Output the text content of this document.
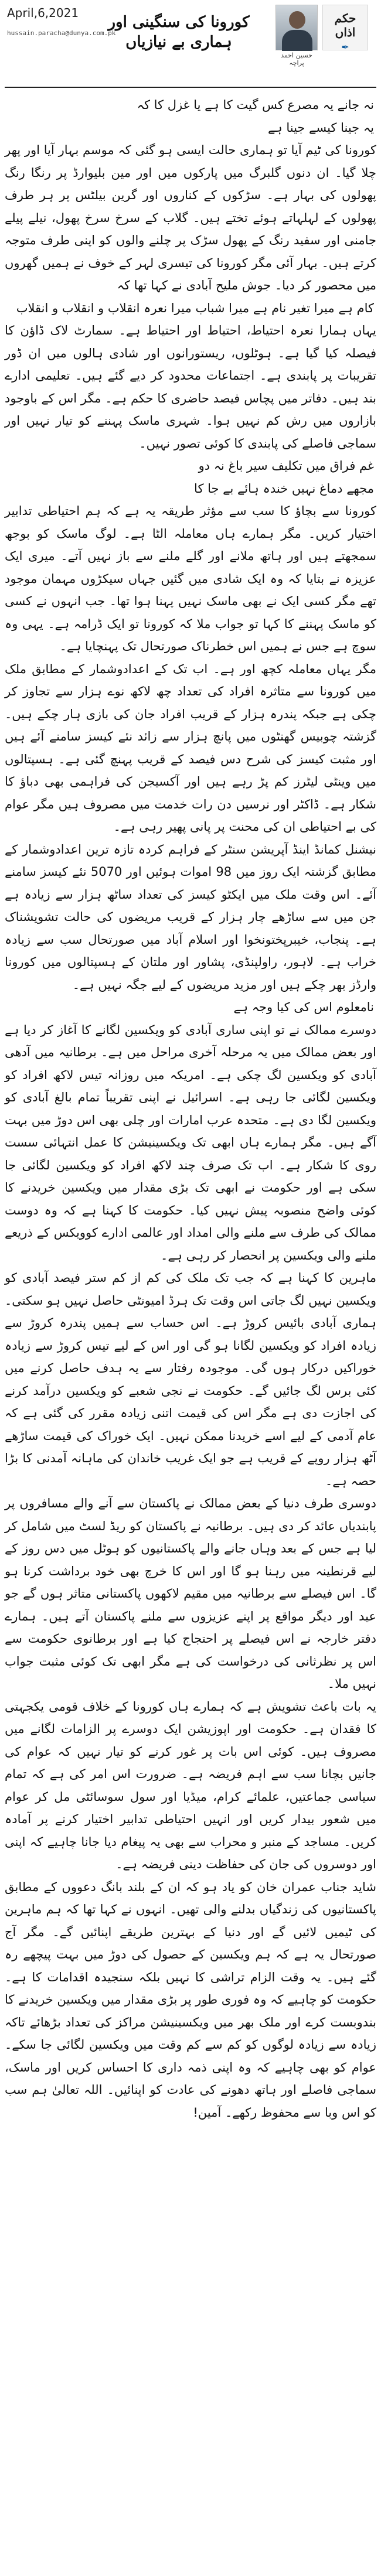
حکم اذاں
✒
حسین احمد پراچہ
کورونا کی سنگینی اور ہماری بے نیازیاں
April,6,2021
hussain.paracha@dunya.com.pk

نہ جانے یہ مصرع کس گیت کا ہے یا غزل کا کہ

یہ جینا کیسے جینا ہے

کورونا کی ٹیم آیا تو ہماری حالت ایسی ہو گئی کہ موسم بہار آیا اور پھر چلا گیا۔ ان دنوں گلبرگ میں پارکوں میں اور مین بلیوارڈ پر رنگا رنگ پھولوں کی بہار ہے۔ سڑکوں کے کناروں اور گرین بیلٹس پر ہر طرف پھولوں کے لہلہاتے ہوئے تختے ہیں۔ گلاب کے سرخ سرخ پھول، نیلے پیلے جامنی اور سفید رنگ کے پھول سڑک پر چلنے والوں کو اپنی طرف متوجہ کرتے ہیں۔ بہار آئی مگر کورونا کی تیسری لہر کے خوف نے ہمیں گھروں میں محصور کر دیا۔ جوش ملیح آبادی نے کہا تھا کہ

کام ہے میرا تغیر نام ہے میرا شباب میرا نعرہ انقلاب و انقلاب و انقلاب

یہاں ہمارا نعرہ احتیاط، احتیاط اور احتیاط ہے۔ سمارٹ لاک ڈاؤن کا فیصلہ کیا گیا ہے۔ ہوٹلوں، ریستورانوں اور شادی ہالوں میں ان ڈور تقریبات پر پابندی ہے۔ اجتماعات محدود کر دیے گئے ہیں۔ تعلیمی ادارے بند ہیں۔ دفاتر میں پچاس فیصد حاضری کا حکم ہے۔ مگر اس کے باوجود بازاروں میں رش کم نہیں ہوا۔ شہری ماسک پہننے کو تیار نہیں اور سماجی فاصلے کی پابندی کا کوئی تصور نہیں۔

غم فراق میں تکلیف سیر باغ نہ دو

مجھے دماغ نہیں خندہ ہائے بے جا کا

کورونا سے بچاؤ کا سب سے مؤثر طریقہ یہ ہے کہ ہم احتیاطی تدابیر اختیار کریں۔ مگر ہمارے ہاں معاملہ الٹا ہے۔ لوگ ماسک کو بوجھ سمجھتے ہیں اور ہاتھ ملانے اور گلے ملنے سے باز نہیں آتے۔ میری ایک عزیزہ نے بتایا کہ وہ ایک شادی میں گئیں جہاں سیکڑوں مہمان موجود تھے مگر کسی ایک نے بھی ماسک نہیں پہنا ہوا تھا۔ جب انہوں نے کسی کو ماسک پہننے کا کہا تو جواب ملا کہ کورونا تو ایک ڈرامہ ہے۔ یہی وہ سوچ ہے جس نے ہمیں اس خطرناک صورتحال تک پہنچایا ہے۔

مگر یہاں معاملہ کچھ اور ہے۔ اب تک کے اعدادوشمار کے مطابق ملک میں کورونا سے متاثرہ افراد کی تعداد چھ لاکھ نوے ہزار سے تجاوز کر چکی ہے جبکہ پندرہ ہزار کے قریب افراد جان کی بازی ہار چکے ہیں۔ گزشتہ چوبیس گھنٹوں میں پانچ ہزار سے زائد نئے کیسز سامنے آئے ہیں اور مثبت کیسز کی شرح دس فیصد کے قریب پہنچ گئی ہے۔ ہسپتالوں میں وینٹی لیٹرز کم پڑ رہے ہیں اور آکسیجن کی فراہمی بھی دباؤ کا شکار ہے۔ ڈاکٹر اور نرسیں دن رات خدمت میں مصروف ہیں مگر عوام کی بے احتیاطی ان کی محنت پر پانی پھیر رہی ہے۔

نیشنل کمانڈ اینڈ آپریشن سنٹر کے فراہم کردہ تازہ ترین اعدادوشمار کے مطابق گزشتہ ایک روز میں 98 اموات ہوئیں اور 5070 نئے کیسز سامنے آئے۔ اس وقت ملک میں ایکٹو کیسز کی تعداد ساٹھ ہزار سے زیادہ ہے جن میں سے ساڑھے چار ہزار کے قریب مریضوں کی حالت تشویشناک ہے۔ پنجاب، خیبرپختونخوا اور اسلام آباد میں صورتحال سب سے زیادہ خراب ہے۔ لاہور، راولپنڈی، پشاور اور ملتان کے ہسپتالوں میں کورونا وارڈز بھر چکے ہیں اور مزید مریضوں کے لیے جگہ نہیں ہے۔

نامعلوم اس کی کیا وجہ ہے

دوسرے ممالک نے تو اپنی ساری آبادی کو ویکسین لگانے کا آغاز کر دیا ہے اور بعض ممالک میں یہ مرحلہ آخری مراحل میں ہے۔ برطانیہ میں آدھی آبادی کو ویکسین لگ چکی ہے۔ امریکہ میں روزانہ تیس لاکھ افراد کو ویکسین لگائی جا رہی ہے۔ اسرائیل نے اپنی تقریباً تمام بالغ آبادی کو ویکسین لگا دی ہے۔ متحدہ عرب امارات اور چلی بھی اس دوڑ میں بہت آگے ہیں۔ مگر ہمارے ہاں ابھی تک ویکسینیشن کا عمل انتہائی سست روی کا شکار ہے۔ اب تک صرف چند لاکھ افراد کو ویکسین لگائی جا سکی ہے اور حکومت نے ابھی تک بڑی مقدار میں ویکسین خریدنے کا کوئی واضح منصوبہ پیش نہیں کیا۔ حکومت کا کہنا ہے کہ وہ دوست ممالک کی طرف سے ملنے والی امداد اور عالمی ادارے کوویکس کے ذریعے ملنے والی ویکسین پر انحصار کر رہی ہے۔

ماہرین کا کہنا ہے کہ جب تک ملک کی کم از کم ستر فیصد آبادی کو ویکسین نہیں لگ جاتی اس وقت تک ہرڈ امیونٹی حاصل نہیں ہو سکتی۔ ہماری آبادی بائیس کروڑ ہے۔ اس حساب سے ہمیں پندرہ کروڑ سے زیادہ افراد کو ویکسین لگانا ہو گی اور اس کے لیے تیس کروڑ سے زیادہ خوراکیں درکار ہوں گی۔ موجودہ رفتار سے یہ ہدف حاصل کرنے میں کئی برس لگ جائیں گے۔ حکومت نے نجی شعبے کو ویکسین درآمد کرنے کی اجازت دی ہے مگر اس کی قیمت اتنی زیادہ مقرر کی گئی ہے کہ عام آدمی کے لیے اسے خریدنا ممکن نہیں۔ ایک خوراک کی قیمت ساڑھے آٹھ ہزار روپے کے قریب ہے جو ایک غریب خاندان کی ماہانہ آمدنی کا بڑا حصہ ہے۔

دوسری طرف دنیا کے بعض ممالک نے پاکستان سے آنے والے مسافروں پر پابندیاں عائد کر دی ہیں۔ برطانیہ نے پاکستان کو ریڈ لسٹ میں شامل کر لیا ہے جس کے بعد وہاں جانے والے پاکستانیوں کو ہوٹل میں دس روز کے لیے قرنطینہ میں رہنا ہو گا اور اس کا خرچ بھی خود برداشت کرنا ہو گا۔ اس فیصلے سے برطانیہ میں مقیم لاکھوں پاکستانی متاثر ہوں گے جو عید اور دیگر مواقع پر اپنے عزیزوں سے ملنے پاکستان آتے ہیں۔ ہمارے دفتر خارجہ نے اس فیصلے پر احتجاج کیا ہے اور برطانوی حکومت سے اس پر نظرثانی کی درخواست کی ہے مگر ابھی تک کوئی مثبت جواب نہیں ملا۔

یہ بات باعث تشویش ہے کہ ہمارے ہاں کورونا کے خلاف قومی یکجہتی کا فقدان ہے۔ حکومت اور اپوزیشن ایک دوسرے پر الزامات لگانے میں مصروف ہیں۔ کوئی اس بات پر غور کرنے کو تیار نہیں کہ عوام کی جانیں بچانا سب سے اہم فریضہ ہے۔ ضرورت اس امر کی ہے کہ تمام سیاسی جماعتیں، علمائے کرام، میڈیا اور سول سوسائٹی مل کر عوام میں شعور بیدار کریں اور انہیں احتیاطی تدابیر اختیار کرنے پر آمادہ کریں۔ مساجد کے منبر و محراب سے بھی یہ پیغام دیا جانا چاہیے کہ اپنی اور دوسروں کی جان کی حفاظت دینی فریضہ ہے۔

شاید جناب عمران خان کو یاد ہو کہ ان کے بلند بانگ دعووں کے مطابق پاکستانیوں کی زندگیاں بدلنے والی تھیں۔ انہوں نے کہا تھا کہ ہم ماہرین کی ٹیمیں لائیں گے اور دنیا کے بہترین طریقے اپنائیں گے۔ مگر آج صورتحال یہ ہے کہ ہم ویکسین کے حصول کی دوڑ میں بہت پیچھے رہ گئے ہیں۔ یہ وقت الزام تراشی کا نہیں بلکہ سنجیدہ اقدامات کا ہے۔ حکومت کو چاہیے کہ وہ فوری طور پر بڑی مقدار میں ویکسین خریدنے کا بندوبست کرے اور ملک بھر میں ویکسینیشن مراکز کی تعداد بڑھائے تاکہ زیادہ سے زیادہ لوگوں کو کم سے کم وقت میں ویکسین لگائی جا سکے۔ عوام کو بھی چاہیے کہ وہ اپنی ذمہ داری کا احساس کریں اور ماسک، سماجی فاصلے اور ہاتھ دھونے کی عادت کو اپنائیں۔ اللہ تعالیٰ ہم سب کو اس وبا سے محفوظ رکھے۔ آمین!
